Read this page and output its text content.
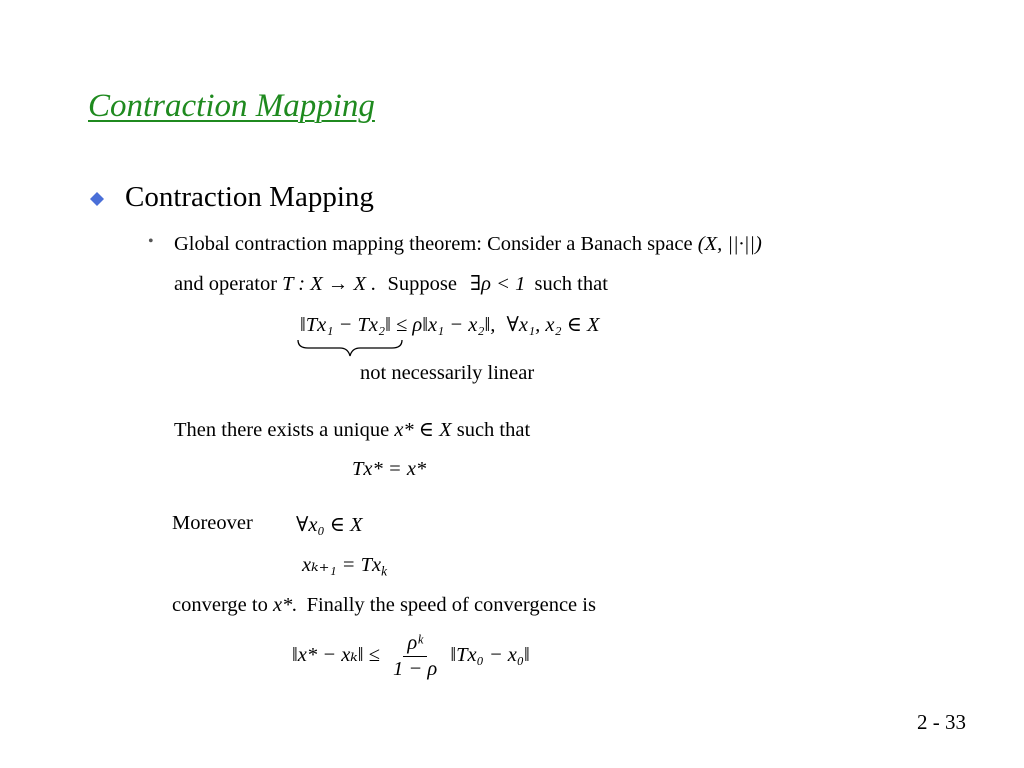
Contraction Mapping
Contraction Mapping
• Global contraction mapping theorem: Consider a Banach space (X, ||·||)
and operator T : X → X . Suppose ∃ρ < 1 such that
‖Tx₁ − Tx₂‖ ≤ ρ‖x₁ − x₂‖, ∀x₁, x₂ ∈ X
not necessarily linear
Then there exists a unique x* ∈ X such that
Tx* = x*
Moreover ∀x₀ ∈ X
$x_{k+1} = Tx_k$
converge to x*. Finally the speed of convergence is
‖x* − xₖ‖ ≤ $\frac{\text{ρᵏ}}{1 - \rho}$ ‖Tx₀ − x₀‖
2 - 33
